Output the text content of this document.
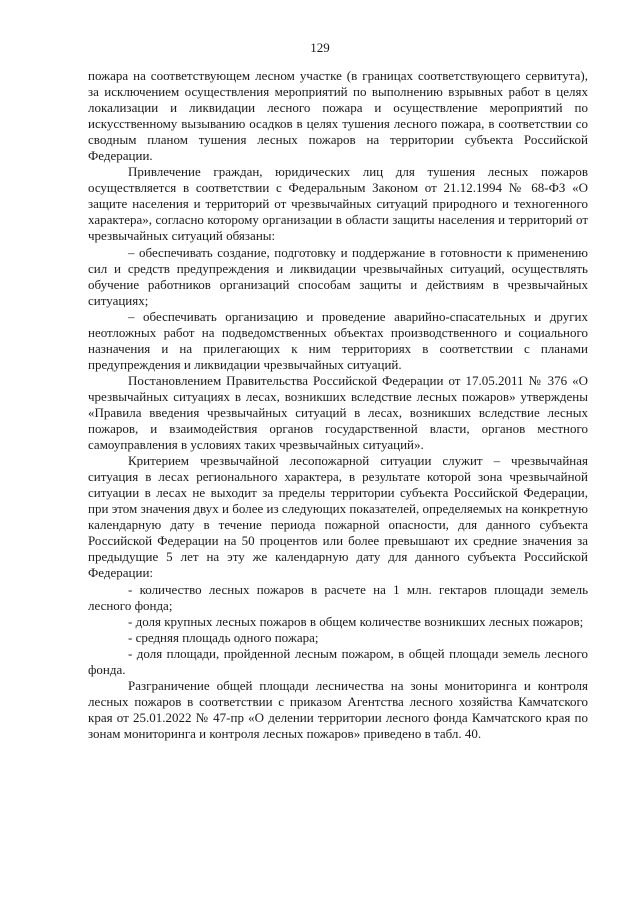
129

пожара на соответствующем лесном участке (в границах соответствующего сервитута), за исключением осуществления мероприятий по выполнению взрывных работ в целях локализации и ликвидации лесного пожара и осуществление мероприятий по искусственному вызыванию осадков в целях тушения лесного пожара, в соответствии со сводным планом тушения лесных пожаров на территории субъекта Российской Федерации.

Привлечение граждан, юридических лиц для тушения лесных пожаров осуществляется в соответствии с Федеральным Законом от 21.12.1994 № 68-ФЗ «О защите населения и территорий от чрезвычайных ситуаций природного и техногенного характера», согласно которому организации в области защиты населения и территорий от чрезвычайных ситуаций обязаны:

– обеспечивать создание, подготовку и поддержание в готовности к применению сил и средств предупреждения и ликвидации чрезвычайных ситуаций, осуществлять обучение работников организаций способам защиты и действиям в чрезвычайных ситуациях;

– обеспечивать организацию и проведение аварийно-спасательных и других неотложных работ на подведомственных объектах производственного и социального назначения и на прилегающих к ним территориях в соответствии с планами предупреждения и ликвидации чрезвычайных ситуаций.

Постановлением Правительства Российской Федерации от 17.05.2011 № 376 «О чрезвычайных ситуациях в лесах, возникших вследствие лесных пожаров» утверждены «Правила введения чрезвычайных ситуаций в лесах, возникших вследствие лесных пожаров, и взаимодействия органов государственной власти, органов местного самоуправления в условиях таких чрезвычайных ситуаций».

Критерием чрезвычайной лесопожарной ситуации служит – чрезвычайная ситуация в лесах регионального характера, в результате которой зона чрезвычайной ситуации в лесах не выходит за пределы территории субъекта Российской Федерации, при этом значения двух и более из следующих показателей, определяемых на конкретную календарную дату в течение периода пожарной опасности, для данного субъекта Российской Федерации на 50 процентов или более превышают их средние значения за предыдущие 5 лет на эту же календарную дату для данного субъекта Российской Федерации:

- количество лесных пожаров в расчете на 1 млн. гектаров площади земель лесного фонда;

- доля крупных лесных пожаров в общем количестве возникших лесных пожаров;

- средняя площадь одного пожара;

- доля площади, пройденной лесным пожаром, в общей площади земель лесного фонда.

Разграничение общей площади лесничества на зоны мониторинга и контроля лесных пожаров в соответствии с приказом Агентства лесного хозяйства Камчатского края от 25.01.2022 № 47-пр «О делении территории лесного фонда Камчатского края по зонам мониторинга и контроля лесных пожаров» приведено в табл. 40.
